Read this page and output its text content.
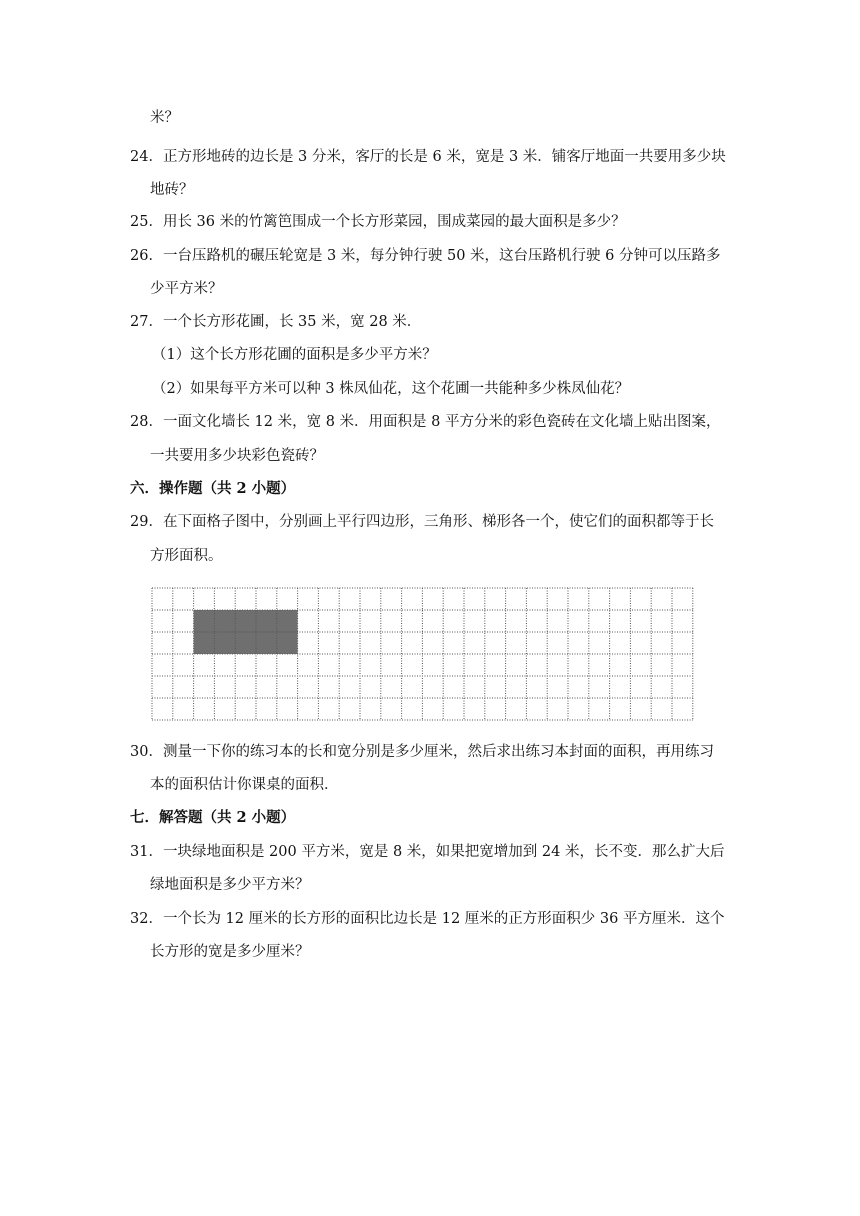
米？
24．正方形地砖的边长是 3 分米，客厅的长是 6 米，宽是 3 米．铺客厅地面一共要用多少块
地砖？
25．用长 36 米的竹篱笆围成一个长方形菜园，围成菜园的最大面积是多少？
26．一台压路机的碾压轮宽是 3 米，每分钟行驶 50 米，这台压路机行驶 6 分钟可以压路多
少平方米？
27．一个长方形花圃，长 35 米，宽 28 米．
（1）这个长方形花圃的面积是多少平方米？
（2）如果每平方米可以种 3 株凤仙花，这个花圃一共能种多少株凤仙花？
28．一面文化墙长 12 米，宽 8 米．用面积是 8 平方分米的彩色瓷砖在文化墙上贴出图案，
一共要用多少块彩色瓷砖？
六．操作题（共 2 小题）
29．在下面格子图中，分别画上平行四边形，三角形、梯形各一个，使它们的面积都等于长
方形面积。
30．测量一下你的练习本的长和宽分别是多少厘米，然后求出练习本封面的面积，再用练习
本的面积估计你课桌的面积．
七．解答题（共 2 小题）
31．一块绿地面积是 200 平方米，宽是 8 米，如果把宽增加到 24 米，长不变．那么扩大后
绿地面积是多少平方米？
32．一个长为 12 厘米的长方形的面积比边长是 12 厘米的正方形面积少 36 平方厘米．这个
长方形的宽是多少厘米？
